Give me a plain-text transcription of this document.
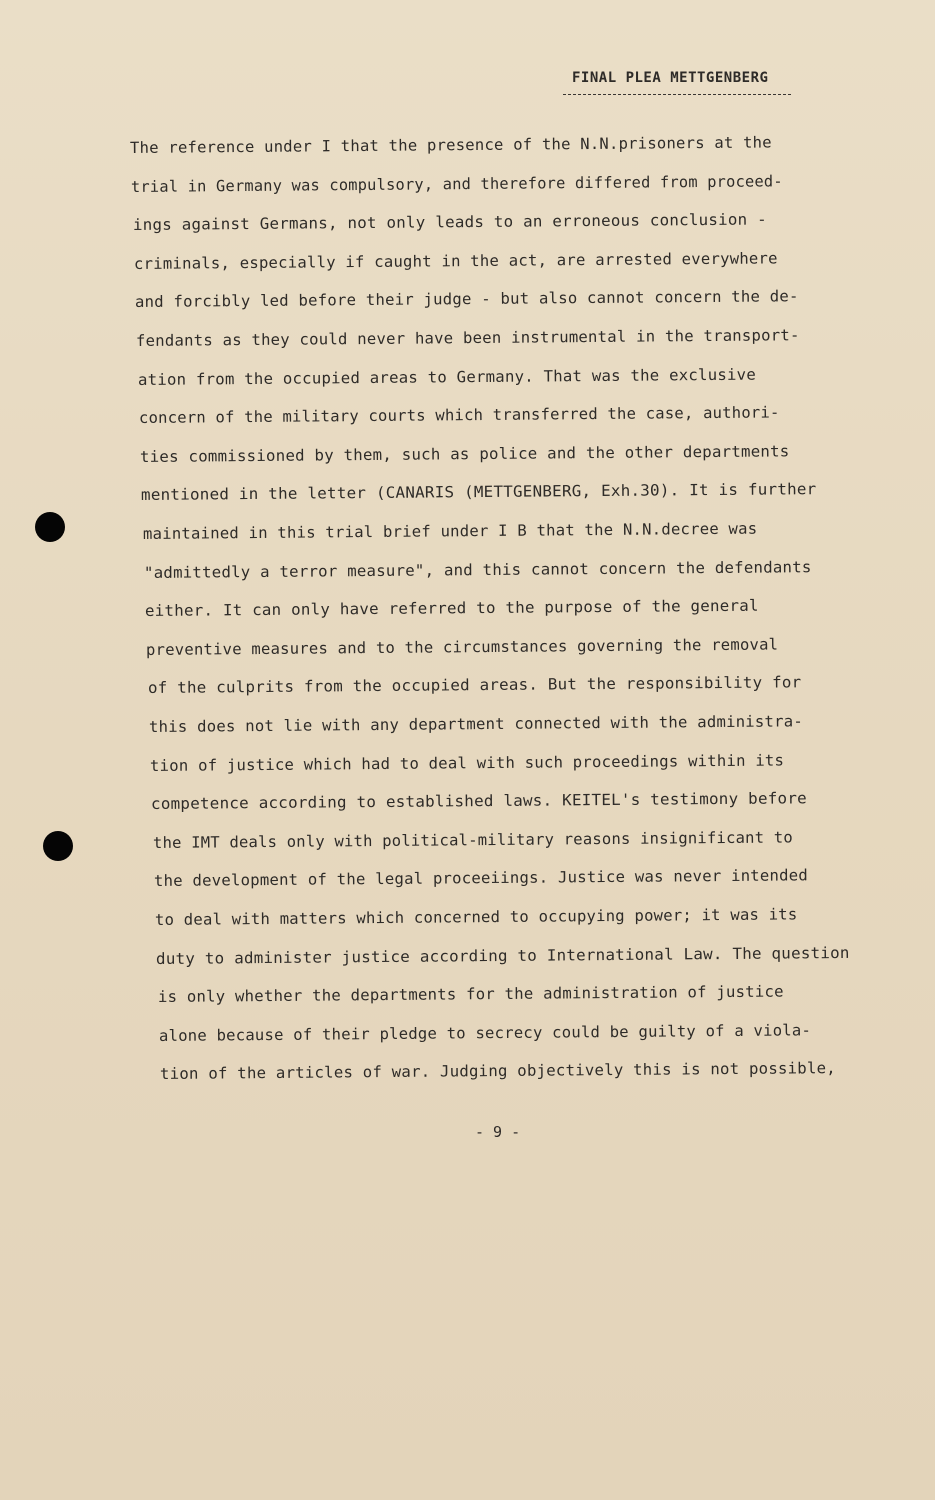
FINAL PLEA METTGENBERG
The reference under I that the presence of the N.N.prisoners at the
trial in Germany was compulsory, and therefore differed from proceed-
ings against Germans, not only leads to an erroneous conclusion -
criminals, especially if caught in the act, are arrested everywhere
and forcibly led before their judge - but also cannot concern the de-
fendants as they could never have been instrumental in the transport-
ation from the occupied areas to Germany. That was the exclusive
concern of the military courts which transferred the case, authori-
ties commissioned by them, such as police and the other departments
mentioned in the letter (CANARIS (METTGENBERG, Exh.30). It is further
maintained in this trial brief under I B that the N.N.decree was
"admittedly a terror measure", and this cannot concern the defendants
either. It can only have referred to the purpose of the general
preventive measures and to the circumstances governing the removal
of the culprits from the occupied areas. But the responsibility for
this does not lie with any department connected with the administra-
tion of justice which had to deal with such proceedings within its
competence according to established laws. KEITEL's testimony before
the IMT deals only with political-military reasons insignificant to
the development of the legal proceeiings. Justice was never intended
to deal with matters which concerned to occupying power; it was its
duty to administer justice according to International Law. The question
is only whether the departments for the administration of justice
alone because of their pledge to secrecy could be guilty of a viola-
tion of the articles of war. Judging objectively this is not possible,
- 9 -
